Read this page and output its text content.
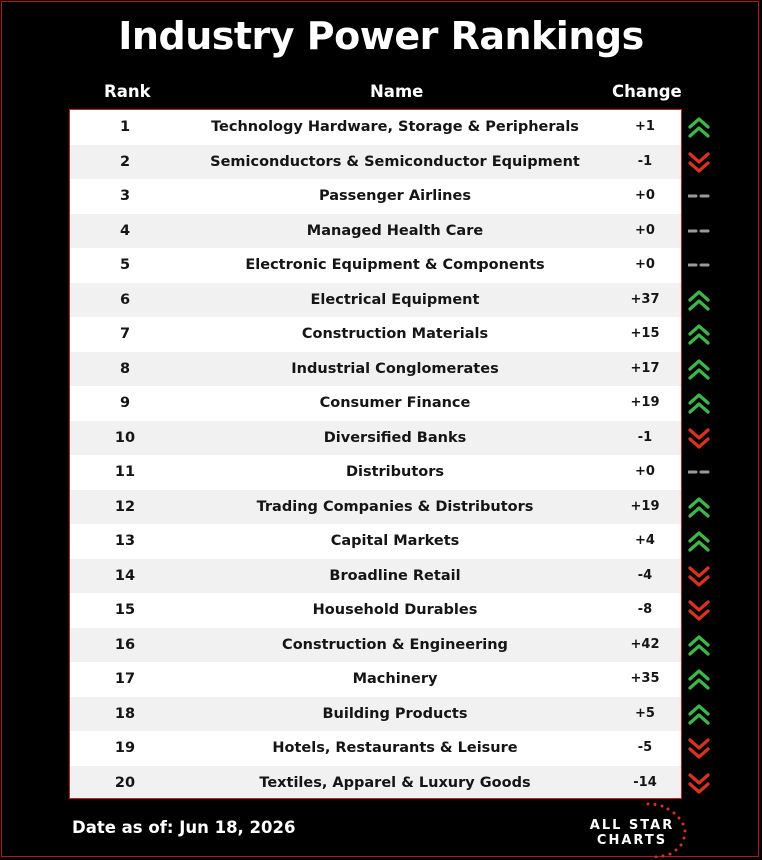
Industry Power Rankings
Rank	Name	Change
1	Technology Hardware, Storage & Peripherals	+1
2	Semiconductors & Semiconductor Equipment	-1
3	Passenger Airlines	+0
4	Managed Health Care	+0
5	Electronic Equipment & Components	+0
6	Electrical Equipment	+37
7	Construction Materials	+15
8	Industrial Conglomerates	+17
9	Consumer Finance	+19
10	Diversified Banks	-1
11	Distributors	+0
12	Trading Companies & Distributors	+19
13	Capital Markets	+4
14	Broadline Retail	-4
15	Household Durables	-8
16	Construction & Engineering	+42
17	Machinery	+35
18	Building Products	+5
19	Hotels, Restaurants & Leisure	-5
20	Textiles, Apparel & Luxury Goods	-14
Date as of: Jun 18, 2026	ALL STAR
CHARTS
